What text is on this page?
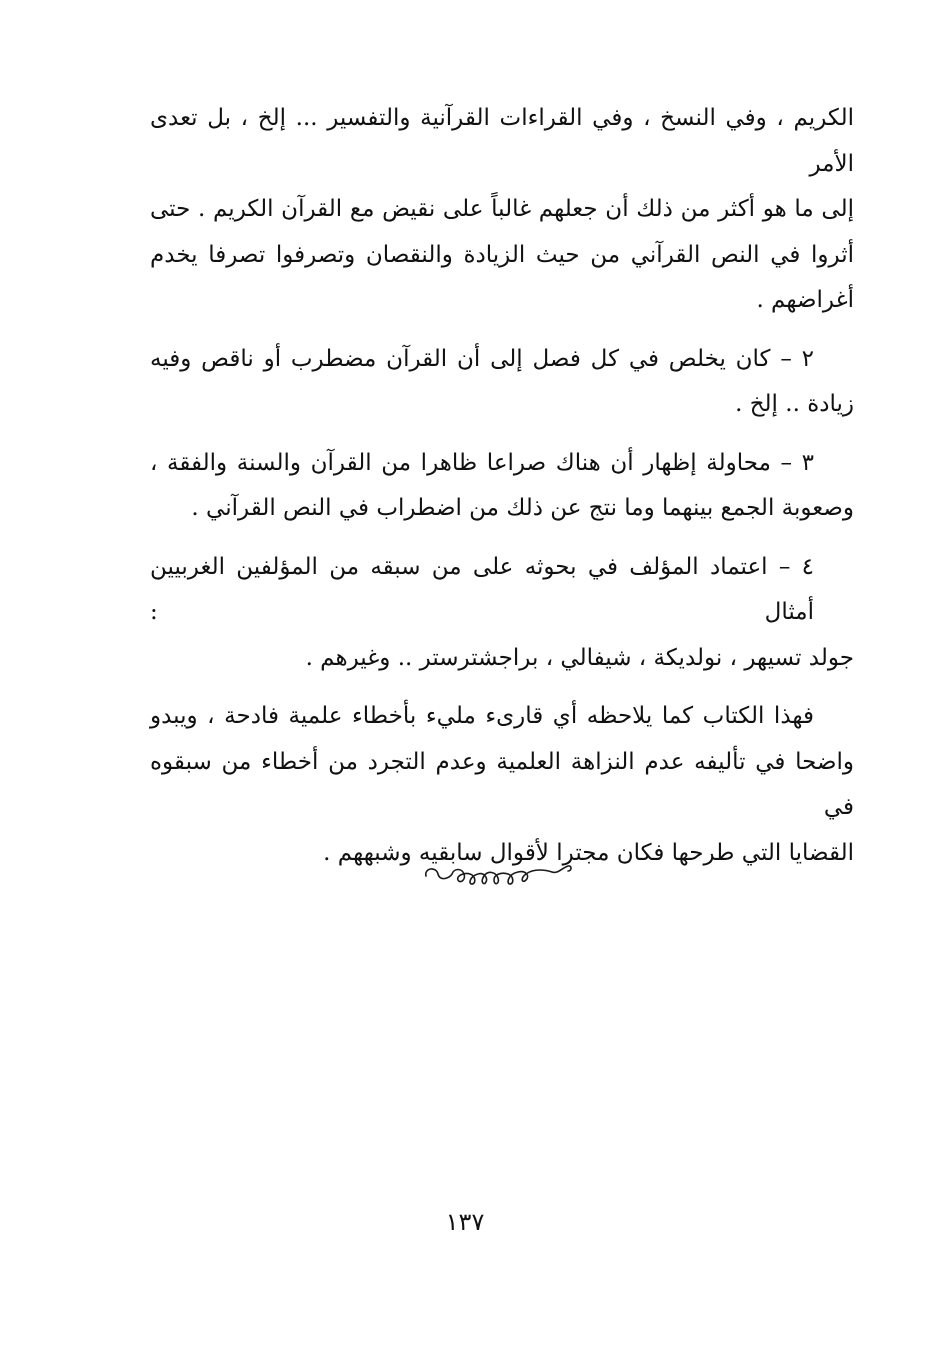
الكريم ، وفي النسخ ، وفي القراءات القرآنية والتفسير ... إلخ ، بل تعدى الأمر
إلى ما هو أكثر من ذلك أن جعلهم غالباً على نقيض مع القرآن الكريم . حتى
أثروا في النص القرآني من حيث الزيادة والنقصان وتصرفوا تصرفا يخدم
أغراضهم .

٢ – كان يخلص في كل فصل إلى أن القرآن مضطرب أو ناقص وفيه
زيادة .. إلخ .

٣ – محاولة إظهار أن هناك صراعا ظاهرا من القرآن والسنة والفقة ،
وصعوبة الجمع بينهما وما نتج عن ذلك من اضطراب في النص القرآني .

٤ – اعتماد المؤلف في بحوثه على من سبقه من المؤلفين الغربيين أمثال :
جولد تسيهر ، نولديكة ، شيفالي ، براجشترستر .. وغيرهم .

فهذا الكتاب كما يلاحظه أي قارىء مليء بأخطاء علمية فادحة ، ويبدو
واضحا في تأليفه عدم النزاهة العلمية وعدم التجرد من أخطاء من سبقوه في
القضايا التي طرحها فكان مجترا لأقوال سابقيه وشبههم .

١٣٧
